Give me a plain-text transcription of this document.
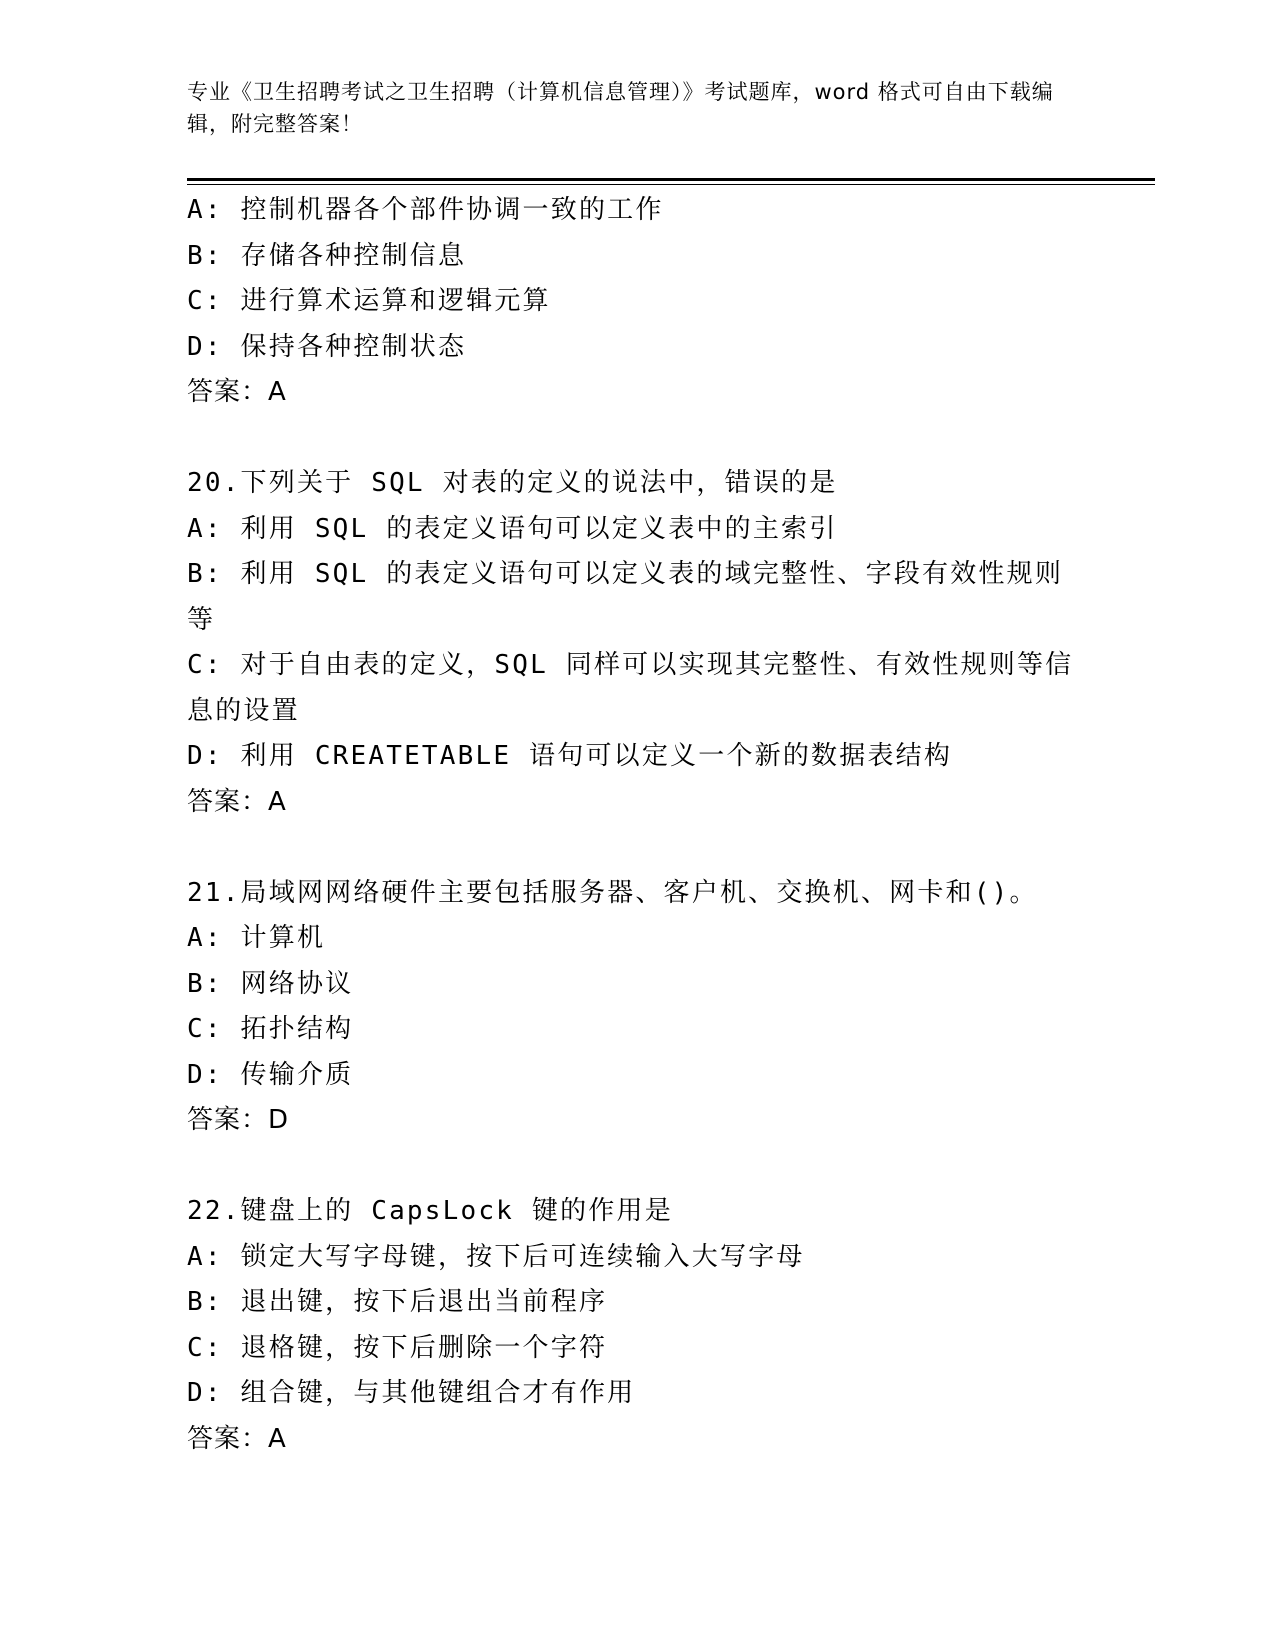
专业《卫生招聘考试之卫生招聘（计算机信息管理）》考试题库，word 格式可自由下载编辑，附完整答案！

A: 控制机器各个部件协调一致的工作

B: 存储各种控制信息

C: 进行算术运算和逻辑元算

D: 保持各种控制状态

答案：A

20.下列关于 SQL 对表的定义的说法中，错误的是

A: 利用 SQL 的表定义语句可以定义表中的主索引

B: 利用 SQL 的表定义语句可以定义表的域完整性、字段有效性规则等

C: 对于自由表的定义，SQL 同样可以实现其完整性、有效性规则等信息的设置

D: 利用 CREATETABLE 语句可以定义一个新的数据表结构

答案：A

21.局域网网络硬件主要包括服务器、客户机、交换机、网卡和()。

A: 计算机

B: 网络协议

C: 拓扑结构

D: 传输介质

答案：D

22.键盘上的 CapsLock 键的作用是

A: 锁定大写字母键，按下后可连续输入大写字母

B: 退出键，按下后退出当前程序

C: 退格键，按下后删除一个字符

D: 组合键，与其他键组合才有作用

答案：A
